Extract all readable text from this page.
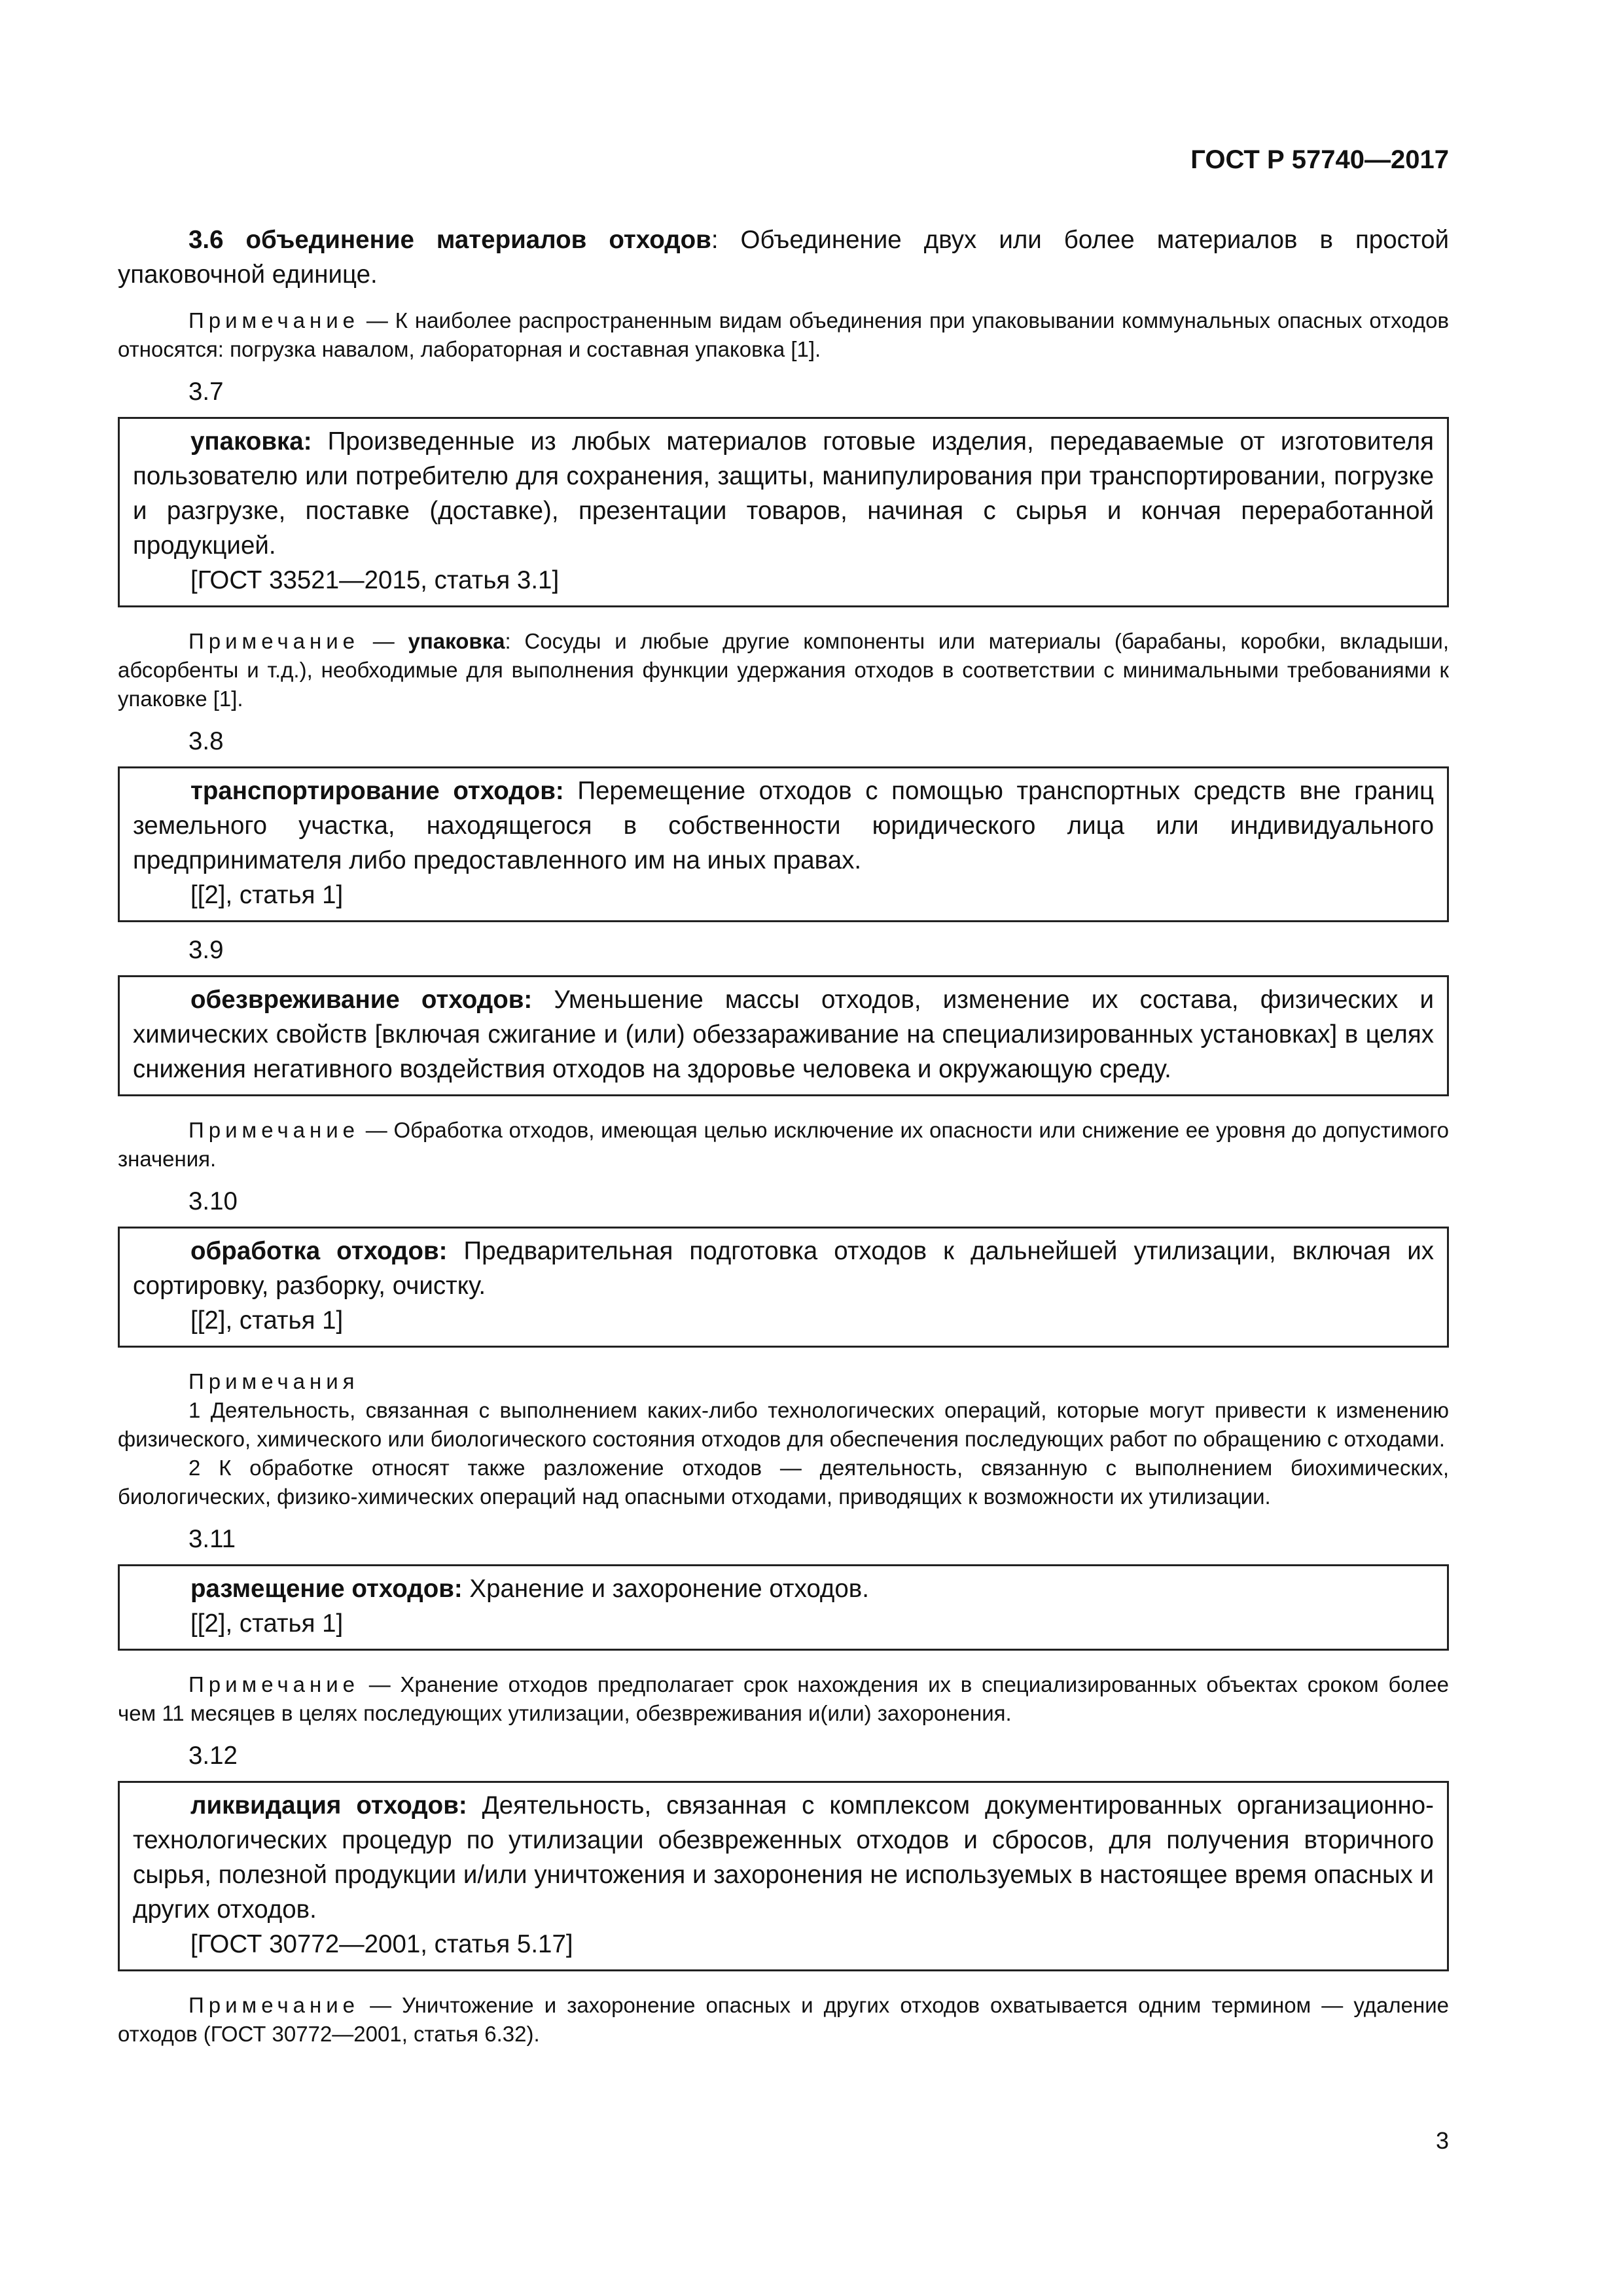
ГОСТ Р 57740—2017

3.6 объединение материалов отходов: Объединение двух или более материалов в простой упаковочной единице.

Примечание — К наиболее распространенным видам объединения при упаковывании коммунальных опасных отходов относятся: погрузка навалом, лабораторная и составная упаковка [1].

3.7

упаковка: Произведенные из любых материалов готовые изделия, передаваемые от изготовителя пользователю или потребителю для сохранения, защиты, манипулирования при транспортировании, погрузке и разгрузке, поставке (доставке), презентации товаров, начиная с сырья и кончая переработанной продукцией.

[ГОСТ 33521—2015, статья 3.1]

Примечание — упаковка: Сосуды и любые другие компоненты или материалы (барабаны, коробки, вкладыши, абсорбенты и т.д.), необходимые для выполнения функции удержания отходов в соответствии с минимальными требованиями к упаковке [1].

3.8

транспортирование отходов: Перемещение отходов с помощью транспортных средств вне границ земельного участка, находящегося в собственности юридического лица или индивидуального предпринимателя либо предоставленного им на иных правах.

[[2], статья 1]
3.9

обезвреживание отходов: Уменьшение массы отходов, изменение их состава, физических и химических свойств [включая сжигание и (или) обеззараживание на специализированных установках] в целях снижения негативного воздействия отходов на здоровье человека и окружающую среду.

Примечание — Обработка отходов, имеющая целью исключение их опасности или снижение ее уровня до допустимого значения.

3.10

обработка отходов: Предварительная подготовка отходов к дальнейшей утилизации, включая их сортировку, разборку, очистку.

[[2], статья 1]

Примечания

1 Деятельность, связанная с выполнением каких-либо технологических операций, которые могут привести к изменению физического, химического или биологического состояния отходов для обеспечения последующих работ по обращению с отходами.

2 К обработке относят также разложение отходов — деятельность, связанную с выполнением биохимических, биологических, физико-химических операций над опасными отходами, приводящих к возможности их утилизации.

3.11

размещение отходов: Хранение и захоронение отходов.

[[2], статья 1]

Примечание — Хранение отходов предполагает срок нахождения их в специализированных объектах сроком более чем 11 месяцев в целях последующих утилизации, обезвреживания и(или) захоронения.

3.12

ликвидация отходов: Деятельность, связанная с комплексом документированных организационно-технологических процедур по утилизации обезвреженных отходов и сбросов, для получения вторичного сырья, полезной продукции и/или уничтожения и захоронения не используемых в настоящее время опасных и других отходов.

[ГОСТ 30772—2001, статья 5.17]

Примечание — Уничтожение и захоронение опасных и других отходов охватывается одним термином — удаление отходов (ГОСТ 30772—2001, статья 6.32).

3
